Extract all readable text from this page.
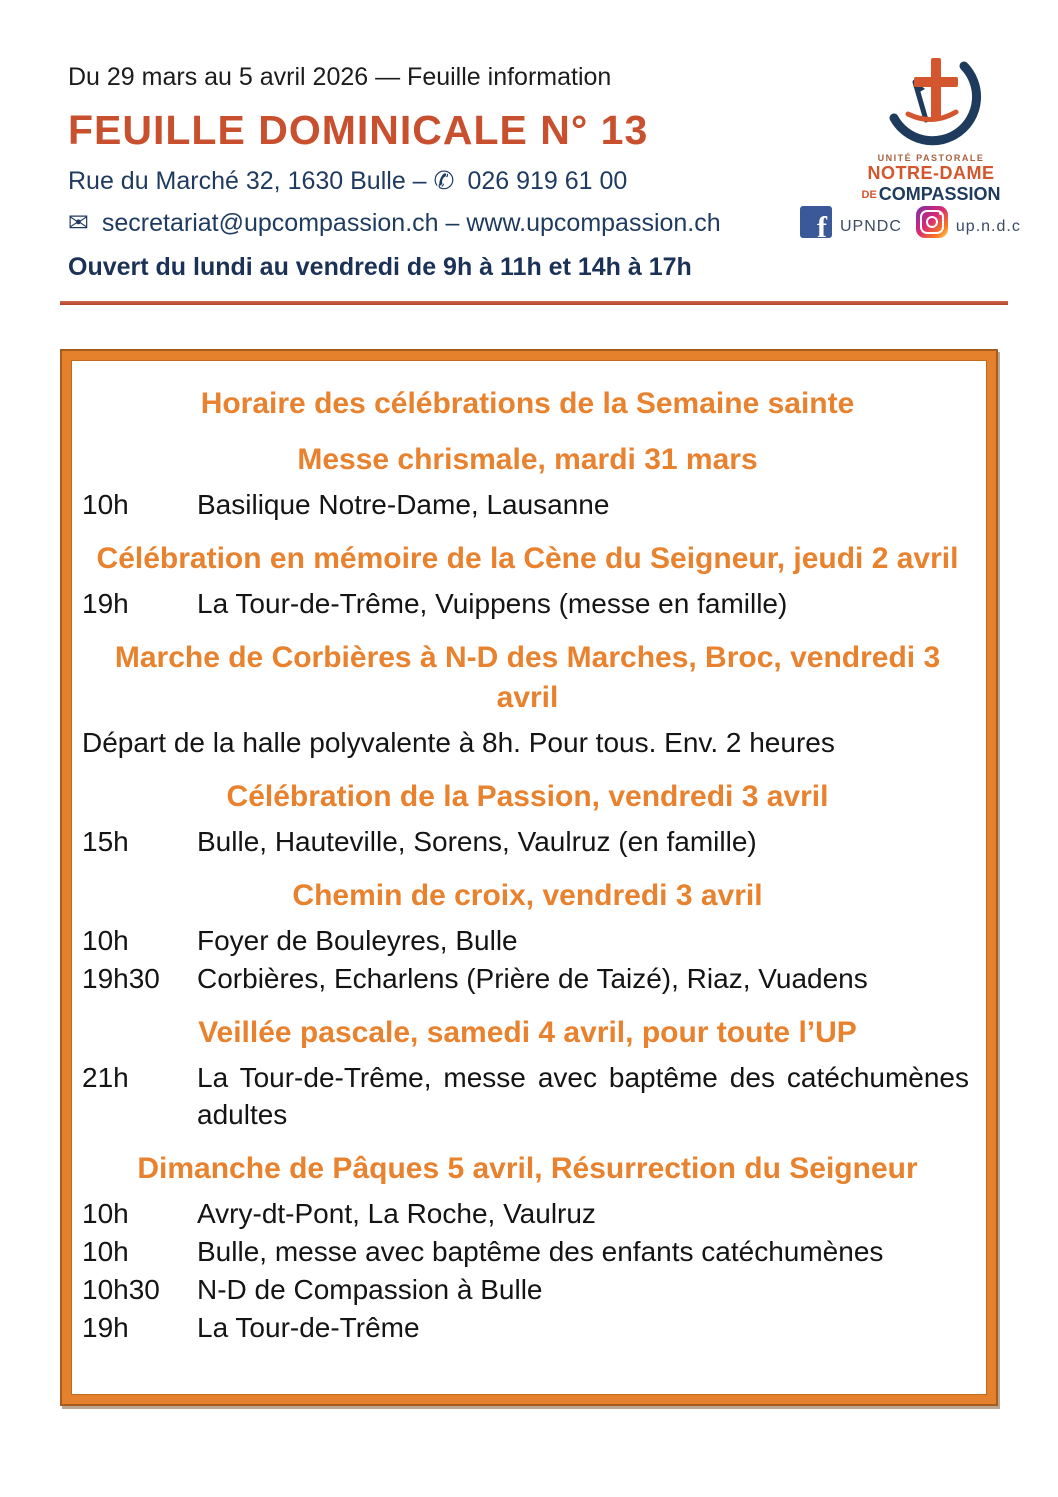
Du 29 mars au 5 avril 2026 — Feuille information
FEUILLE DOMINICALE N° 13
Rue du Marché 32, 1630 Bulle – ✆ 026 919 61 00
✉ secretariat@upcompassion.ch – www.upcompassion.ch
Ouvert du lundi au vendredi de 9h à 11h et 14h à 17h
UNITÉ PASTORALE
NOTRE-DAME
DE COMPASSION
f UPNDC	up.n.d.c
Horaire des célébrations de la Semaine sainte
Messe chrismale, mardi 31 mars
10h	Basilique Notre-Dame, Lausanne
Célébration en mémoire de la Cène du Seigneur, jeudi 2 avril
19h	La Tour-de-Trême, Vuippens (messe en famille)
Marche de Corbières à N-D des Marches, Broc, vendredi 3 avril
Départ de la halle polyvalente à 8h. Pour tous. Env. 2 heures
Célébration de la Passion, vendredi 3 avril
15h	Bulle, Hauteville, Sorens, Vaulruz (en famille)
Chemin de croix, vendredi 3 avril
10h	Foyer de Bouleyres, Bulle
19h30	Corbières, Echarlens (Prière de Taizé), Riaz, Vuadens
Veillée pascale, samedi 4 avril, pour toute l’UP
21h	La Tour-de-Trême, messe avec baptême des catéchumènes adultes
Dimanche de Pâques 5 avril, Résurrection du Seigneur
10h	Avry-dt-Pont, La Roche, Vaulruz
10h	Bulle, messe avec baptême des enfants catéchumènes
10h30	N-D de Compassion à Bulle
19h	La Tour-de-Trême
